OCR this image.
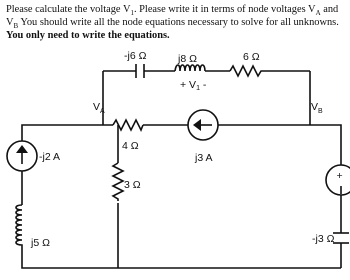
Please calculate the voltage $V_1$. Please write it in terms of node voltages $V_A$ and $V_B$ You should write all the node equations necessary to solve for all unknowns. You only need to write the equations.
+
-j6 Ω	j8 Ω	6 Ω
+ V1 -
$V_A$	$V_B$
4 Ω
j3 A
-j2 A
3 Ω
j5 Ω	-j3 Ω
